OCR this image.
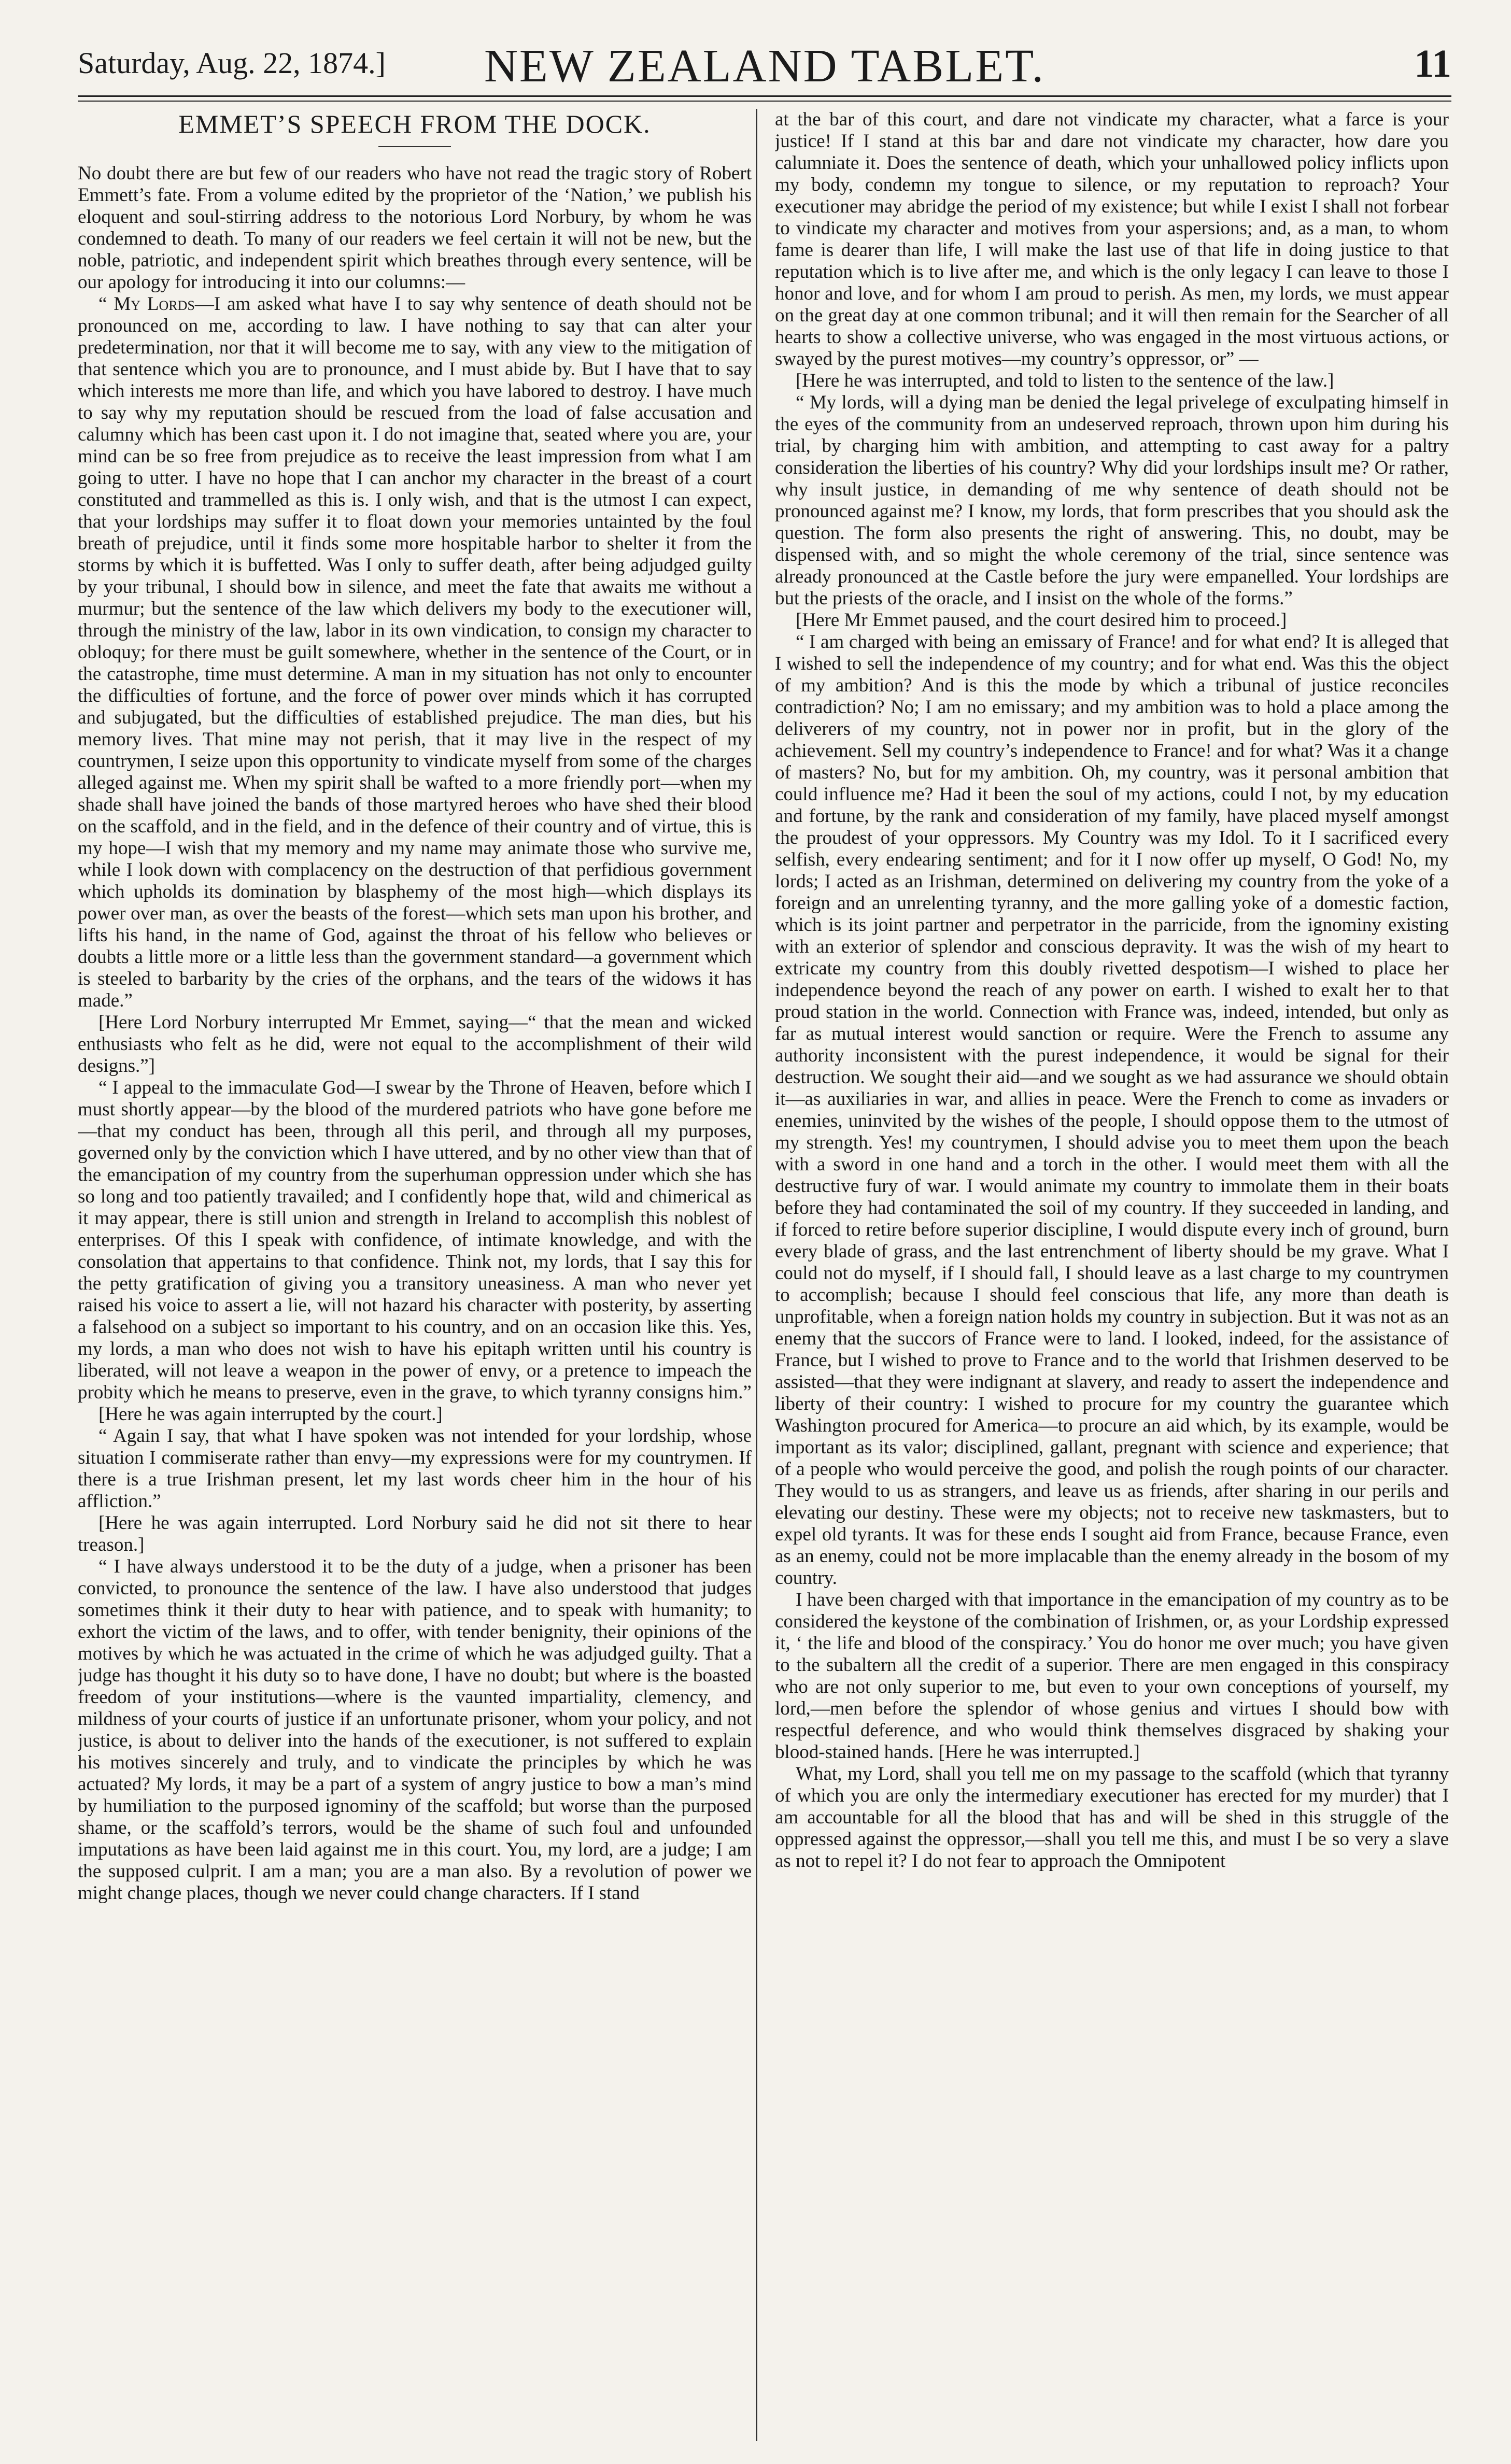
Saturday, Aug. 22, 1874.]	NEW ZEALAND TABLET.	11
EMMET’S SPEECH FROM THE DOCK.

No doubt there are but few of our readers who have not read the tragic story of Robert Emmett’s fate. From a volume edited by the proprietor of the ‘Nation,’ we publish his eloquent and soul-stirring address to the notorious Lord Norbury, by whom he was condemned to death. To many of our readers we feel certain it will not be new, but the noble, patriotic, and independent spirit which breathes through every sentence, will be our apology for introducing it into our columns:—

“ My Lords—I am asked what have I to say why sentence of death should not be pronounced on me, according to law. I have nothing to say that can alter your predetermination, nor that it will become me to say, with any view to the mitigation of that sentence which you are to pronounce, and I must abide by. But I have that to say which interests me more than life, and which you have labored to destroy. I have much to say why my reputation should be rescued from the load of false accusation and calumny which has been cast upon it. I do not imagine that, seated where you are, your mind can be so free from prejudice as to receive the least impression from what I am going to utter. I have no hope that I can anchor my character in the breast of a court constituted and trammelled as this is. I only wish, and that is the utmost I can expect, that your lordships may suffer it to float down your memories untainted by the foul breath of prejudice, until it finds some more hospitable harbor to shelter it from the storms by which it is buffetted. Was I only to suffer death, after being adjudged guilty by your tribunal, I should bow in silence, and meet the fate that awaits me without a murmur; but the sentence of the law which delivers my body to the executioner will, through the ministry of the law, labor in its own vindication, to consign my character to obloquy; for there must be guilt somewhere, whether in the sentence of the Court, or in the catastrophe, time must determine. A man in my situation has not only to encounter the difficulties of fortune, and the force of power over minds which it has corrupted and subjugated, but the difficulties of established prejudice. The man dies, but his memory lives. That mine may not perish, that it may live in the respect of my countrymen, I seize upon this opportunity to vindicate myself from some of the charges alleged against me. When my spirit shall be wafted to a more friendly port—when my shade shall have joined the bands of those martyred heroes who have shed their blood on the scaffold, and in the field, and in the defence of their country and of virtue, this is my hope—I wish that my memory and my name may animate those who survive me, while I look down with complacency on the destruction of that perfidious government which upholds its domination by blasphemy of the most high—which displays its power over man, as over the beasts of the forest—which sets man upon his brother, and lifts his hand, in the name of God, against the throat of his fellow who believes or doubts a little more or a little less than the government standard—a government which is steeled to barbarity by the cries of the orphans, and the tears of the widows it has made.”

[Here Lord Norbury interrupted Mr Emmet, saying—“ that the mean and wicked enthusiasts who felt as he did, were not equal to the accomplishment of their wild designs.”]

“ I appeal to the immaculate God—I swear by the Throne of Heaven, before which I must shortly appear—by the blood of the murdered patriots who have gone before me—that my conduct has been, through all this peril, and through all my purposes, governed only by the conviction which I have uttered, and by no other view than that of the emancipation of my country from the superhuman oppression under which she has so long and too patiently travailed; and I confidently hope that, wild and chimerical as it may appear, there is still union and strength in Ireland to accomplish this noblest of enterprises. Of this I speak with confidence, of intimate knowledge, and with the consolation that appertains to that confidence. Think not, my lords, that I say this for the petty gratification of giving you a transitory uneasiness. A man who never yet raised his voice to assert a lie, will not hazard his character with posterity, by asserting a falsehood on a subject so important to his country, and on an occasion like this. Yes, my lords, a man who does not wish to have his epitaph written until his country is liberated, will not leave a weapon in the power of envy, or a pretence to impeach the probity which he means to preserve, even in the grave, to which tyranny consigns him.”

[Here he was again interrupted by the court.]

“ Again I say, that what I have spoken was not intended for your lordship, whose situation I commiserate rather than envy—my expressions were for my countrymen. If there is a true Irishman present, let my last words cheer him in the hour of his affliction.”

[Here he was again interrupted. Lord Norbury said he did not sit there to hear treason.]

“ I have always understood it to be the duty of a judge, when a prisoner has been convicted, to pronounce the sentence of the law. I have also understood that judges sometimes think it their duty to hear with patience, and to speak with humanity; to exhort the victim of the laws, and to offer, with tender benignity, their opinions of the motives by which he was actuated in the crime of which he was adjudged guilty. That a judge has thought it his duty so to have done, I have no doubt; but where is the boasted freedom of your institutions—where is the vaunted impartiality, clemency, and mildness of your courts of justice if an unfortunate prisoner, whom your policy, and not justice, is about to deliver into the hands of the executioner, is not suffered to explain his motives sincerely and truly, and to vindicate the principles by which he was actuated? My lords, it may be a part of a system of angry justice to bow a man’s mind by humiliation to the purposed ignominy of the scaffold; but worse than the purposed shame, or the scaffold’s terrors, would be the shame of such foul and unfounded imputations as have been laid against me in this court. You, my lord, are a judge; I am the supposed culprit. I am a man; you are a man also. By a revolution of power we might change places, though we never could change characters. If I stand

at the bar of this court, and dare not vindicate my character, what a farce is your justice! If I stand at this bar and dare not vindicate my character, how dare you calumniate it. Does the sentence of death, which your unhallowed policy inflicts upon my body, condemn my tongue to silence, or my reputation to reproach? Your executioner may abridge the period of my existence; but while I exist I shall not forbear to vindicate my character and motives from your aspersions; and, as a man, to whom fame is dearer than life, I will make the last use of that life in doing justice to that reputation which is to live after me, and which is the only legacy I can leave to those I honor and love, and for whom I am proud to perish. As men, my lords, we must appear on the great day at one common tribunal; and it will then remain for the Searcher of all hearts to show a collective universe, who was engaged in the most virtuous actions, or swayed by the purest motives—my country’s oppressor, or” —

[Here he was interrupted, and told to listen to the sentence of the law.]

“ My lords, will a dying man be denied the legal privelege of exculpating himself in the eyes of the community from an undeserved reproach, thrown upon him during his trial, by charging him with ambition, and attempting to cast away for a paltry consideration the liberties of his country? Why did your lordships insult me? Or rather, why insult justice, in demanding of me why sentence of death should not be pronounced against me? I know, my lords, that form prescribes that you should ask the question. The form also presents the right of answering. This, no doubt, may be dispensed with, and so might the whole ceremony of the trial, since sentence was already pronounced at the Castle before the jury were empanelled. Your lordships are but the priests of the oracle, and I insist on the whole of the forms.”

[Here Mr Emmet paused, and the court desired him to proceed.]

“ I am charged with being an emissary of France! and for what end? It is alleged that I wished to sell the independence of my country; and for what end. Was this the object of my ambition? And is this the mode by which a tribunal of justice reconciles contradiction? No; I am no emissary; and my ambition was to hold a place among the deliverers of my country, not in power nor in profit, but in the glory of the achievement. Sell my country’s independence to France! and for what? Was it a change of masters? No, but for my ambition. Oh, my country, was it personal ambition that could influence me? Had it been the soul of my actions, could I not, by my education and fortune, by the rank and consideration of my family, have placed myself amongst the proudest of your oppressors. My Country was my Idol. To it I sacrificed every selfish, every endearing sentiment; and for it I now offer up myself, O God! No, my lords; I acted as an Irishman, determined on delivering my country from the yoke of a foreign and an unrelenting tyranny, and the more galling yoke of a domestic faction, which is its joint partner and perpetrator in the parricide, from the ignominy existing with an exterior of splendor and conscious depravity. It was the wish of my heart to extricate my country from this doubly rivetted despotism—I wished to place her independence beyond the reach of any power on earth. I wished to exalt her to that proud station in the world. Connection with France was, indeed, intended, but only as far as mutual interest would sanction or require. Were the French to assume any authority inconsistent with the purest independence, it would be signal for their destruction. We sought their aid—and we sought as we had assurance we should obtain it—as auxiliaries in war, and allies in peace. Were the French to come as invaders or enemies, uninvited by the wishes of the people, I should oppose them to the utmost of my strength. Yes! my countrymen, I should advise you to meet them upon the beach with a sword in one hand and a torch in the other. I would meet them with all the destructive fury of war. I would animate my country to immolate them in their boats before they had contaminated the soil of my country. If they succeeded in landing, and if forced to retire before superior discipline, I would dispute every inch of ground, burn every blade of grass, and the last entrenchment of liberty should be my grave. What I could not do myself, if I should fall, I should leave as a last charge to my countrymen to accomplish; because I should feel conscious that life, any more than death is unprofitable, when a foreign nation holds my country in subjection. But it was not as an enemy that the succors of France were to land. I looked, indeed, for the assistance of France, but I wished to prove to France and to the world that Irishmen deserved to be assisted—that they were indignant at slavery, and ready to assert the independence and liberty of their country: I wished to procure for my country the guarantee which Washington procured for America—to procure an aid which, by its example, would be important as its valor; disciplined, gallant, pregnant with science and experience; that of a people who would perceive the good, and polish the rough points of our character. They would to us as strangers, and leave us as friends, after sharing in our perils and elevating our destiny. These were my objects; not to receive new taskmasters, but to expel old tyrants. It was for these ends I sought aid from France, because France, even as an enemy, could not be more implacable than the enemy already in the bosom of my country.

I have been charged with that importance in the emancipation of my country as to be considered the keystone of the combination of Irishmen, or, as your Lordship expressed it, ‘ the life and blood of the conspiracy.’ You do honor me over much; you have given to the subaltern all the credit of a superior. There are men engaged in this conspiracy who are not only superior to me, but even to your own conceptions of yourself, my lord,—men before the splendor of whose genius and virtues I should bow with respectful deference, and who would think themselves disgraced by shaking your blood-stained hands. [Here he was interrupted.]

What, my Lord, shall you tell me on my passage to the scaffold (which that tyranny of which you are only the intermediary executioner has erected for my murder) that I am accountable for all the blood that has and will be shed in this struggle of the oppressed against the oppressor,—shall you tell me this, and must I be so very a slave as not to repel it? I do not fear to approach the Omnipotent
